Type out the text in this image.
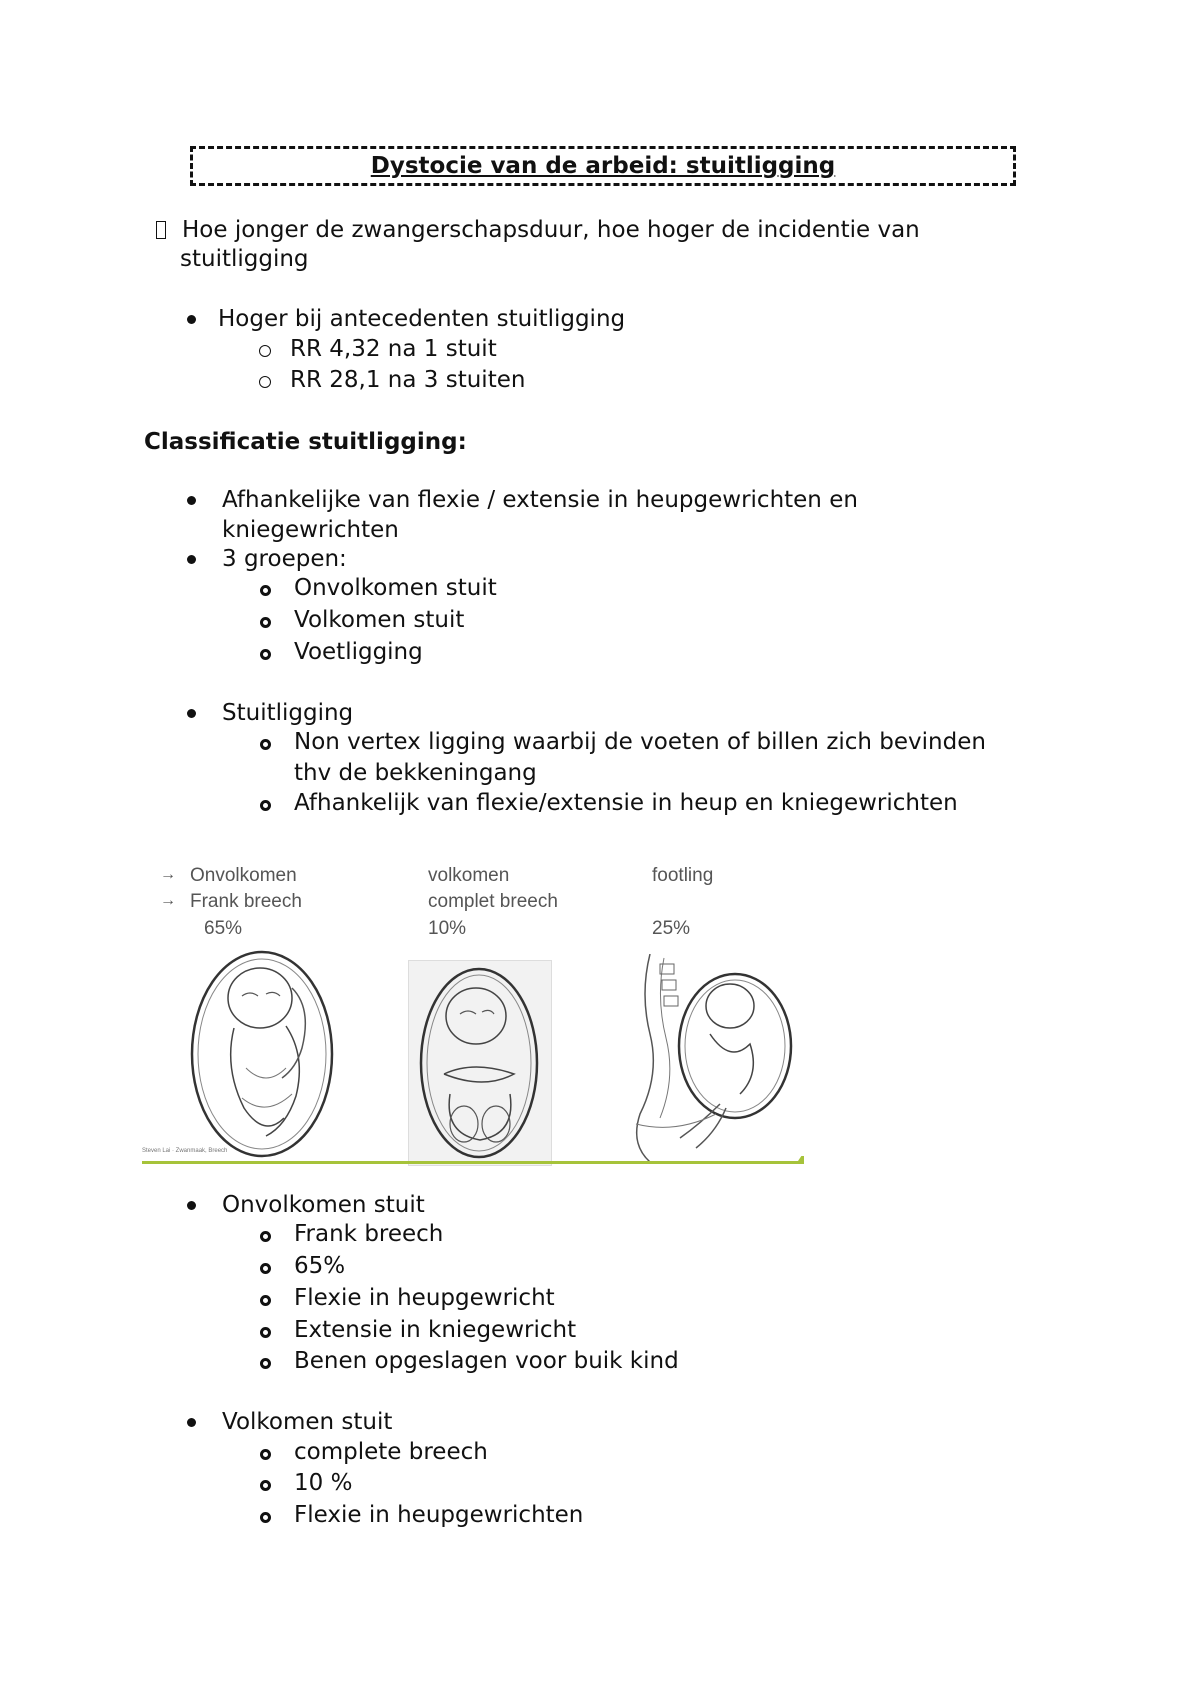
Dystocie van de arbeid: stuitligging
Hoe jonger de zwangerschapsduur, hoe hoger de incidentie van
stuitligging
Hoger bij antecedenten stuitligging
RR 4,32 na 1 stuit
RR 28,1 na 3 stuiten
Classificatie stuitligging:
Afhankelijke van flexie / extensie in heupgewrichten en
kniegewrichten
3 groepen:
Onvolkomen stuit
Volkomen stuit
Voetligging
Stuitligging
Non vertex ligging waarbij de voeten of billen zich bevinden
thv de bekkeningang
Afhankelijk van flexie/extensie in heup en kniegewrichten
→ Onvolkomen
→ Frank breech
65%
volkomen
complet breech
10%
footling
25%
Steven Lai · Zwanmaak, Breech
Onvolkomen stuit
Frank breech
65%
Flexie in heupgewricht
Extensie in kniegewricht
Benen opgeslagen voor buik kind
Volkomen stuit
complete breech
10 %
Flexie in heupgewrichten
